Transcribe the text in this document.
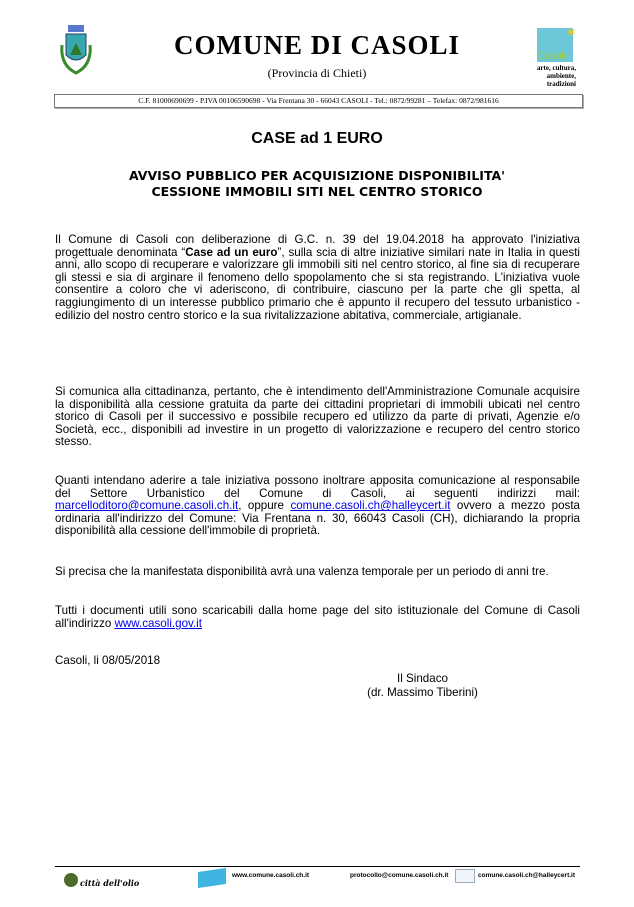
COMUNE DI CASOLI
(Provincia di Chieti)
✶
Casoli
arte, cultura,
ambiente, tradizioni
C.F. 81000690699 - P.IVA 00106590698 - Via Frentana 30 - 66043 CASOLI - Tel.: 0872/99281 – Telefax: 0872/981616
CASE ad 1 EURO
AVVISO PUBBLICO PER ACQUISIZIONE DISPONIBILITA'
CESSIONE IMMOBILI SITI NEL CENTRO STORICO
Il Comune di Casoli con deliberazione di G.C. n. 39 del 19.04.2018 ha approvato l'iniziativa progettuale denominata “Case ad un euro”, sulla scia di altre iniziative similari nate in Italia in questi anni, allo scopo di recuperare e valorizzare gli immobili siti nel centro storico, al fine sia di recuperare gli stessi e sia di arginare il fenomeno dello spopolamento che si sta registrando. L'iniziativa vuole consentire a coloro che vi aderiscono, di contribuire, ciascuno per la parte che gli spetta, al raggiungimento di un interesse pubblico primario che è appunto il recupero del tessuto urbanistico - edilizio del nostro centro storico e la sua rivitalizzazione abitativa, commerciale, artigianale.
Si comunica alla cittadinanza, pertanto, che è intendimento dell'Amministrazione Comunale acquisire la disponibilità alla cessione gratuita da parte dei cittadini proprietari di immobili ubicati nel centro storico di Casoli per il successivo e possibile recupero ed utilizzo da parte di privati, Agenzie e/o Società, ecc., disponibili ad investire in un progetto di valorizzazione e recupero del centro storico stesso.
Quanti intendano aderire a tale iniziativa possono inoltrare apposita comunicazione al responsabile del Settore Urbanistico del Comune di Casoli, ai seguenti indirizzi mail: marcelloditoro@comune.casoli.ch.it, oppure comune.casoli.ch@halleycert.it ovvero a mezzo posta ordinaria all'indirizzo del Comune: Via Frentana n. 30, 66043 Casoli (CH), dichiarando la propria disponibilità alla cessione dell'immobile di proprietà.
Si precisa che la manifestata disponibilità avrà una valenza temporale per un periodo di anni tre.
Tutti i documenti utili sono scaricabili dalla home page del sito istituzionale del Comune di Casoli all'indirizzo www.casoli.gov.it
Casoli, li 08/05/2018
Il Sindaco
(dr. Massimo Tiberini)
città dell'olio
www.comune.casoli.ch.it	protocollo@comune.casoli.ch.it	comune.casoli.ch@halleycert.it
